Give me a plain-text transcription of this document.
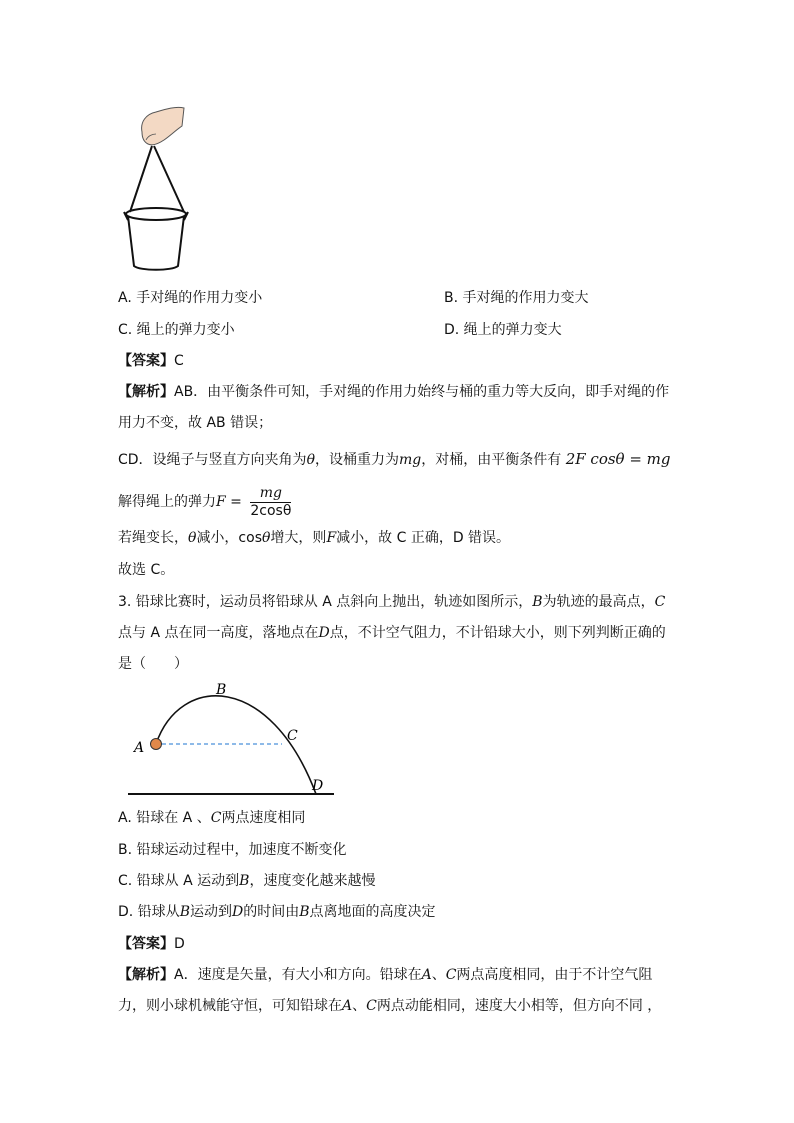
A. 手对绳的作用力变小	B. 手对绳的作用力变大
C. 绳上的弹力变小	D. 绳上的弹力变大
【答案】C
【解析】AB．由平衡条件可知，手对绳的作用力始终与桶的重力等大反向，即手对绳的作
用力不变，故 AB 错误；
CD．设绳子与竖直方向夹角为θ，设桶重力为mg，对桶，由平衡条件有 2F cosθ = mg
解得绳上的弹力$F = \frac{mg}{2\cos\theta}$
若绳变长，θ减小，cosθ增大，则F减小，故 C 正确，D 错误。
故选 C。
3. 铅球比赛时，运动员将铅球从 A 点斜向上抛出，轨迹如图所示，B为轨迹的最高点，C
点与 A 点在同一高度，落地点在D点，不计空气阻力，不计铅球大小，则下列判断正确的
是（　　）
A
B
C
D
A. 铅球在 A 、C两点速度相同
B. 铅球运动过程中，加速度不断变化
C. 铅球从 A 运动到B，速度变化越来越慢
D. 铅球从B运动到D的时间由B点离地面的高度决定
【答案】D
【解析】A．速度是矢量，有大小和方向。铅球在A、C两点高度相同，由于不计空气阻
力，则小球机械能守恒，可知铅球在A、C两点动能相同，速度大小相等，但方向不同 ，
